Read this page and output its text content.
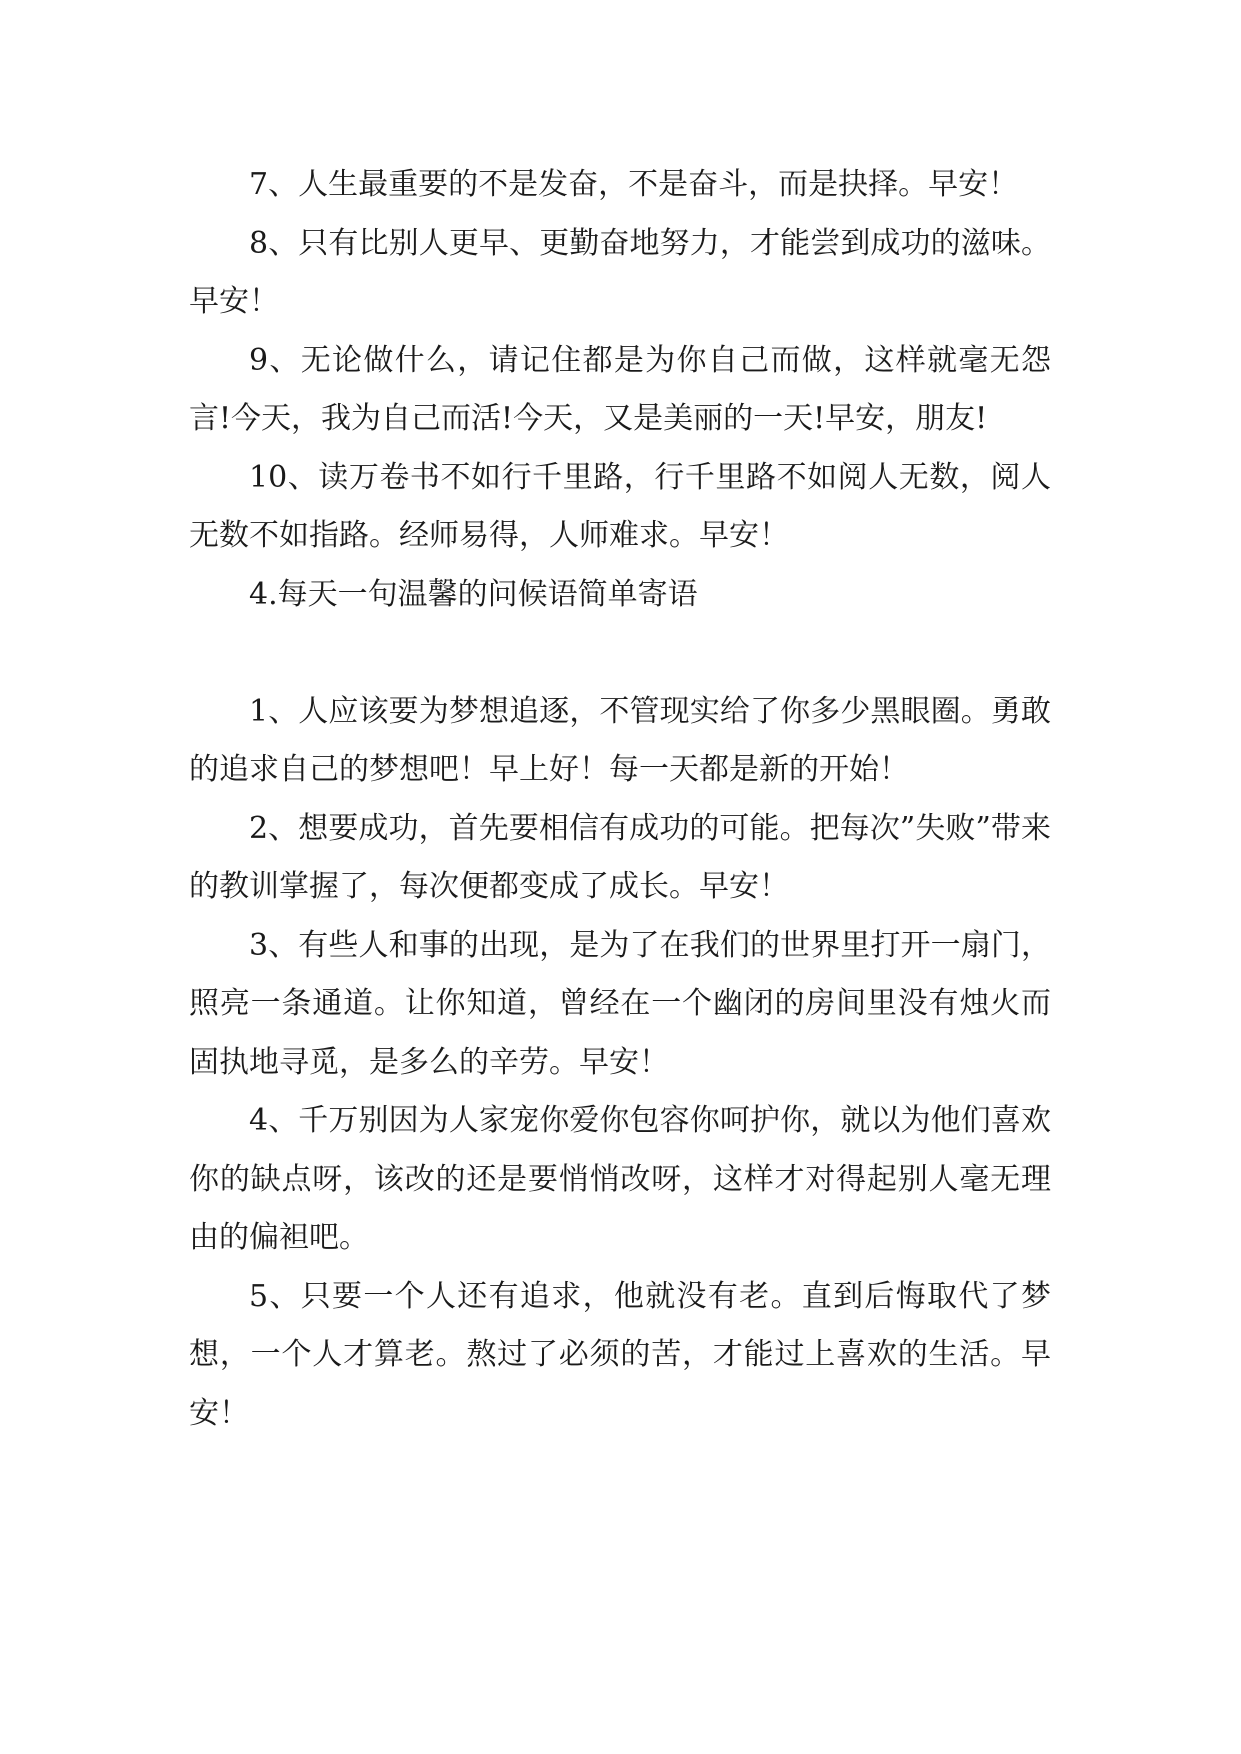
7、人生最重要的不是发奋，不是奋斗，而是抉择。早安！

8、只有比别人更早、更勤奋地努力，才能尝到成功的滋味。早安！

9、无论做什么，请记住都是为你自己而做，这样就毫无怨言!今天，我为自己而活!今天，又是美丽的一天!早安，朋友!

10、读万卷书不如行千里路，行千里路不如阅人无数，阅人无数不如指路。经师易得，人师难求。早安！

4.每天一句温馨的问候语简单寄语

1、人应该要为梦想追逐，不管现实给了你多少黑眼圈。勇敢的追求自己的梦想吧！早上好！每一天都是新的开始！

2、想要成功，首先要相信有成功的可能。把每次”失败”带来的教训掌握了，每次便都变成了成长。早安！

3、有些人和事的出现，是为了在我们的世界里打开一扇门，照亮一条通道。让你知道，曾经在一个幽闭的房间里没有烛火而固执地寻觅，是多么的辛劳。早安！

4、千万别因为人家宠你爱你包容你呵护你，就以为他们喜欢你的缺点呀，该改的还是要悄悄改呀，这样才对得起别人毫无理由的偏袒吧。

5、只要一个人还有追求，他就没有老。直到后悔取代了梦想，一个人才算老。熬过了必须的苦，才能过上喜欢的生活。早安！
